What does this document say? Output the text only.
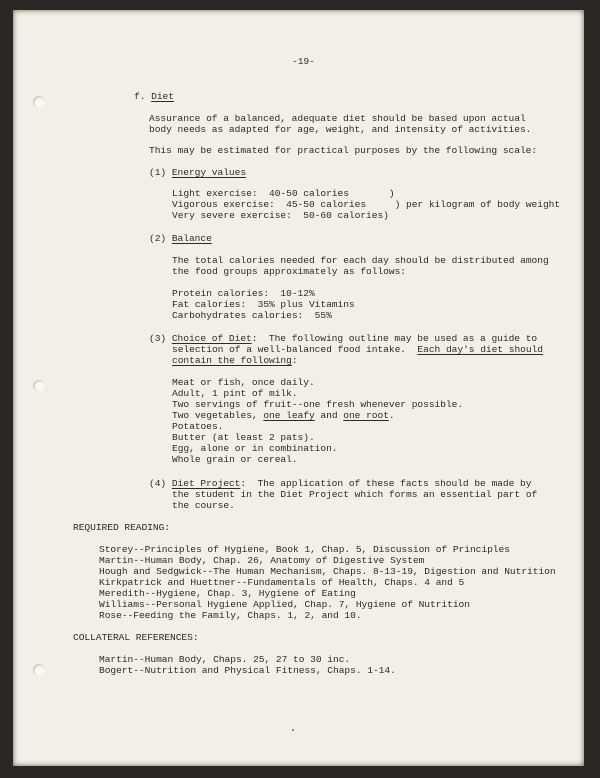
-19-
f. Diet
Assurance of a balanced, adequate diet should be based upon actual
body needs as adapted for age, weight, and intensity of activities.
This may be estimated for practical purposes by the following scale:
(1) Energy values
Light exercise:  40-50 calories       )
Vigorous exercise:  45-50 calories     ) per kilogram of body weight
Very severe exercise:  50-60 calories)
(2) Balance
The total calories needed for each day should be distributed among
the food groups approximately as follows:
Protein calories:  10-12%
Fat calories:  35% plus Vitamins
Carbohydrates calories:  55%
(3) Choice of Diet:  The following outline may be used as a guide to
selection of a well-balanced food intake.  Each day's diet should
contain the following:
Meat or fish, once daily.
Adult, 1 pint of milk.
Two servings of fruit--one fresh whenever possible.
Two vegetables, one leafy and one root.
Potatoes.
Butter (at least 2 pats).
Egg, alone or in combination.
Whole grain or cereal.
(4) Diet Project:  The application of these facts should be made by
the student in the Diet Project which forms an essential part of
the course.
REQUIRED READING:
Storey--Principles of Hygiene, Book 1, Chap. 5, Discussion of Principles
Martin--Human Body, Chap. 26, Anatomy of Digestive System
Hough and Sedgwick--The Human Mechanism, Chaps. 8-13-19, Digestion and Nutrition
Kirkpatrick and Huettner--Fundamentals of Health, Chaps. 4 and 5
Meredith--Hygiene, Chap. 3, Hygiene of Eating
Williams--Personal Hygiene Applied, Chap. 7, Hygiene of Nutrition
Rose--Feeding the Family, Chaps. 1, 2, and 10.
COLLATERAL REFERENCES:
Martin--Human Body, Chaps. 25, 27 to 30 inc.
Bogert--Nutrition and Physical Fitness, Chaps. 1-14.
